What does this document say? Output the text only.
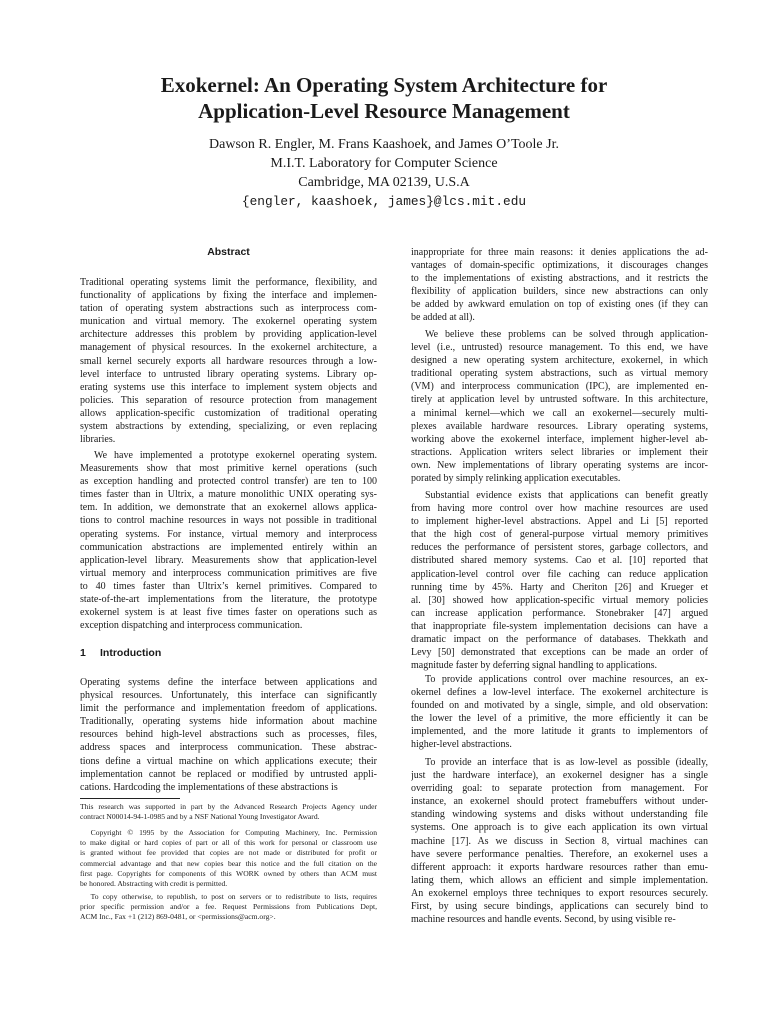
Exokernel: An Operating System Architecture for
Application-Level Resource Management
Dawson R. Engler, M. Frans Kaashoek, and James O’Toole Jr.
M.I.T. Laboratory for Computer Science
Cambridge, MA 02139, U.S.A
{engler, kaashoek, james}@lcs.mit.edu
Abstract
Traditional operating systems limit the performance, flexibility, and
functionality of applications by fixing the interface and implemen-
tation of operating system abstractions such as interprocess com-
munication and virtual memory. The exokernel operating system
architecture addresses this problem by providing application-level
management of physical resources. In the exokernel architecture, a
small kernel securely exports all hardware resources through a low-
level interface to untrusted library operating systems. Library op-
erating systems use this interface to implement system objects and
policies. This separation of resource protection from management
allows application-specific customization of traditional operating
system abstractions by extending, specializing, or even replacing
libraries.
We have implemented a prototype exokernel operating system.
Measurements show that most primitive kernel operations (such
as exception handling and protected control transfer) are ten to 100
times faster than in Ultrix, a mature monolithic UNIX operating sys-
tem. In addition, we demonstrate that an exokernel allows applica-
tions to control machine resources in ways not possible in traditional
operating systems. For instance, virtual memory and interprocess
communication abstractions are implemented entirely within an
application-level library. Measurements show that application-level
virtual memory and interprocess communication primitives are five
to 40 times faster than Ultrix’s kernel primitives. Compared to
state-of-the-art implementations from the literature, the prototype
exokernel system is at least five times faster on operations such as
exception dispatching and interprocess communication.
1 Introduction
Operating systems define the interface between applications and
physical resources. Unfortunately, this interface can significantly
limit the performance and implementation freedom of applications.
Traditionally, operating systems hide information about machine
resources behind high-level abstractions such as processes, files,
address spaces and interprocess communication. These abstrac-
tions define a virtual machine on which applications execute; their
implementation cannot be replaced or modified by untrusted appli-
cations. Hardcoding the implementations of these abstractions is
This research was supported in part by the Advanced Research Projects Agency under
contract N00014-94-1-0985 and by a NSF National Young Investigator Award.
Copyright © 1995 by the Association for Computing Machinery, Inc. Permission
to make digital or hard copies of part or all of this work for personal or classroom use
is granted without fee provided that copies are not made or distributed for profit or
commercial advantage and that new copies bear this notice and the full citation on the
first page. Copyrights for components of this WORK owned by others than ACM must
be honored. Abstracting with credit is permitted.
To copy otherwise, to republish, to post on servers or to redistribute to lists, requires
prior specific permission and/or a fee. Request Permissions from Publications Dept,
ACM Inc., Fax +1 (212) 869-0481, or <permissions@acm.org>.
inappropriate for three main reasons: it denies applications the ad-
vantages of domain-specific optimizations, it discourages changes
to the implementations of existing abstractions, and it restricts the
flexibility of application builders, since new abstractions can only
be added by awkward emulation on top of existing ones (if they can
be added at all).
We believe these problems can be solved through application-
level (i.e., untrusted) resource management. To this end, we have
designed a new operating system architecture, exokernel, in which
traditional operating system abstractions, such as virtual memory
(VM) and interprocess communication (IPC), are implemented en-
tirely at application level by untrusted software. In this architecture,
a minimal kernel—which we call an exokernel—securely multi-
plexes available hardware resources. Library operating systems,
working above the exokernel interface, implement higher-level ab-
stractions. Application writers select libraries or implement their
own. New implementations of library operating systems are incor-
porated by simply relinking application executables.
Substantial evidence exists that applications can benefit greatly
from having more control over how machine resources are used
to implement higher-level abstractions. Appel and Li [5] reported
that the high cost of general-purpose virtual memory primitives
reduces the performance of persistent stores, garbage collectors, and
distributed shared memory systems. Cao et al. [10] reported that
application-level control over file caching can reduce application
running time by 45%. Harty and Cheriton [26] and Krueger et
al. [30] showed how application-specific virtual memory policies
can increase application performance. Stonebraker [47] argued
that inappropriate file-system implementation decisions can have a
dramatic impact on the performance of databases. Thekkath and
Levy [50] demonstrated that exceptions can be made an order of
magnitude faster by deferring signal handling to applications.
To provide applications control over machine resources, an ex-
okernel defines a low-level interface. The exokernel architecture is
founded on and motivated by a single, simple, and old observation:
the lower the level of a primitive, the more efficiently it can be
implemented, and the more latitude it grants to implementors of
higher-level abstractions.
To provide an interface that is as low-level as possible (ideally,
just the hardware interface), an exokernel designer has a single
overriding goal: to separate protection from management. For
instance, an exokernel should protect framebuffers without under-
standing windowing systems and disks without understanding file
systems. One approach is to give each application its own virtual
machine [17]. As we discuss in Section 8, virtual machines can
have severe performance penalties. Therefore, an exokernel uses a
different approach: it exports hardware resources rather than emu-
lating them, which allows an efficient and simple implementation.
An exokernel employs three techniques to export resources securely.
First, by using secure bindings, applications can securely bind to
machine resources and handle events. Second, by using visible re-
